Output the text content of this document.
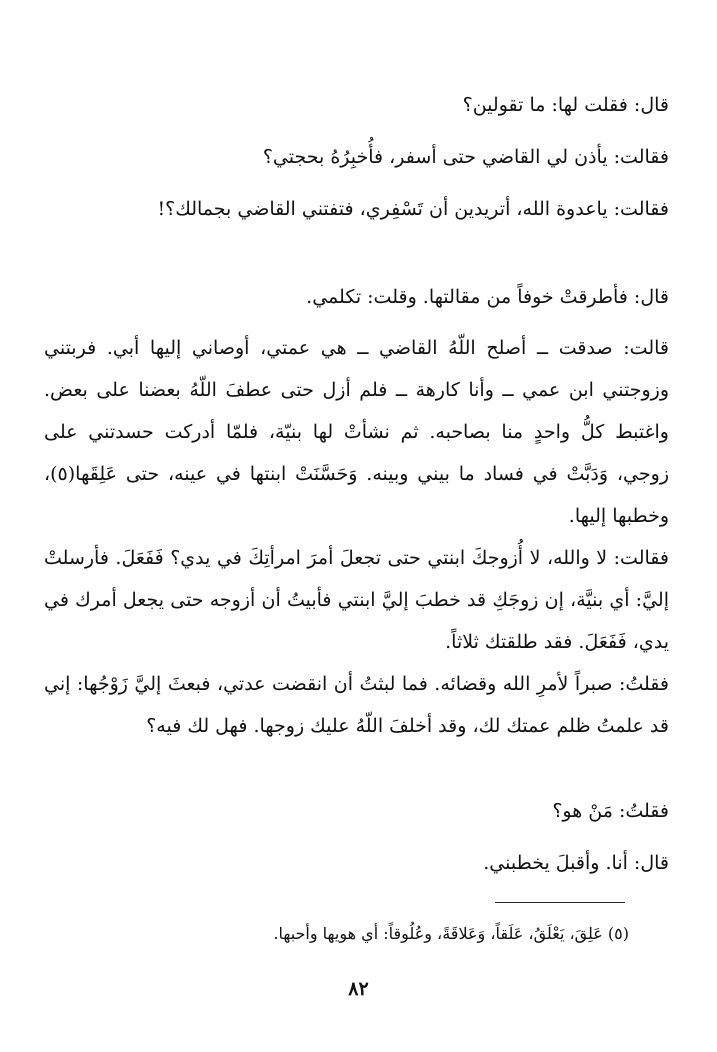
قال: فقلت لها: ما تقولين؟

فقالت: يأذن لي القاضي حتى أسفر، فأُخبِرُهُ بحجتي؟

فقالت: ياعدوة الله، أتريدين أن تَسْفِري، فتفتني القاضي بجمالك؟!

قال: فأطرقتْ خوفاً من مقالتها. وقلت: تكلمي.

قالت: صدقت ــ أصلح اللّهُ القاضي ــ هي عمتي، أوصاني إليها أبي. فربتني وزوجتني ابن عمي ــ وأنا كارهة ــ فلم أزل حتى عطفَ اللّهُ بعضنا على بعض. واغتبط كلُّ واحدٍ منا بصاحبه. ثم نشأتْ لها بنيّة، فلمّا أدركت حسدتني على زوجي، وَدَبَّتْ في فساد ما بيني وبينه. وَحَسَّنَتْ ابنتها في عينه، حتى عَلِقَها(٥)، وخطبها إليها.

فقالت: لا والله، لا أُزوجكَ ابنتي حتى تجعلَ أمرَ امرأتِكَ في يدي؟ فَفَعَلَ. فأرسلتْ إليَّ: أي بنيَّة، إن زوجَكِ قد خطبَ إليَّ ابنتي فأبيتُ أن أزوجه حتى يجعل أمرك في يدي، فَفَعَلَ. فقد طلقتك ثلاثاً.

فقلتُ: صبراً لأمرِ الله وقضائه. فما لبثتُ أن انقضت عدتي، فبعثَ إليَّ زَوْجُها: إني قد علمتُ ظلم عمتك لك، وقد أخلفَ اللّهُ عليك زوجها. فهل لك فيه؟

فقلتُ: مَنْ هو؟

قال: أنا. وأقبلَ يخطبني.

(٥) عَلِقَ، يَعْلَقُ، عَلَقاً، وَعَلاقَةً، وعُلُوقاً: أي هويها وأحبها.

٨٢
